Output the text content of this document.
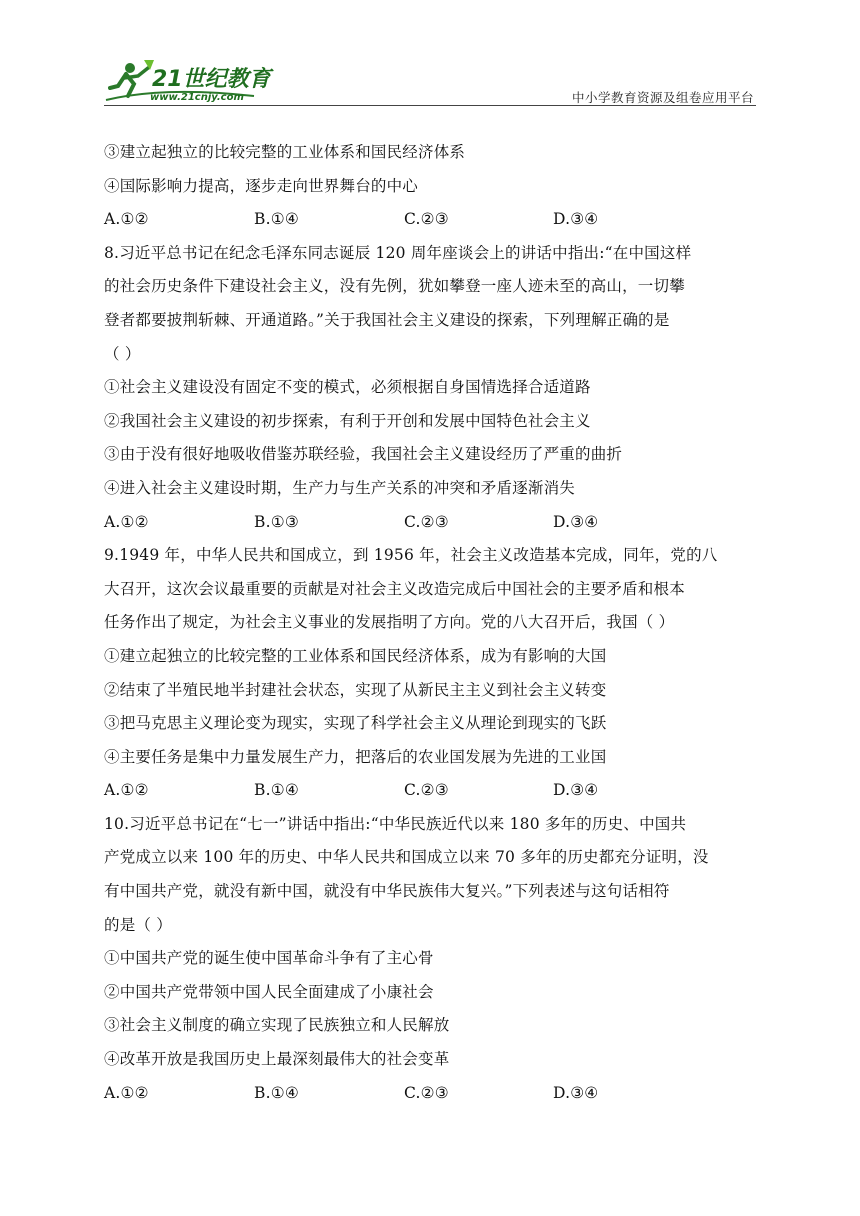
21世纪教育
www.21cnjy.com	中小学教育资源及组卷应用平台
③建立起独立的比较完整的工业体系和国民经济体系
④国际影响力提高，逐步走向世界舞台的中心
A.①②	B.①④	C.②③	D.③④
8.习近平总书记在纪念毛泽东同志诞辰 120 周年座谈会上的讲话中指出:“在中国这样
的社会历史条件下建设社会主义，没有先例，犹如攀登一座人迹未至的高山，一切攀
登者都要披荆斩棘、开通道路。”关于我国社会主义建设的探索，下列理解正确的是
（ ）
①社会主义建设没有固定不变的模式，必须根据自身国情选择合适道路
②我国社会主义建设的初步探索，有利于开创和发展中国特色社会主义
③由于没有很好地吸收借鉴苏联经验，我国社会主义建设经历了严重的曲折
④进入社会主义建设时期，生产力与生产关系的冲突和矛盾逐渐消失
A.①②	B.①③	C.②③	D.③④
9.1949 年，中华人民共和国成立，到 1956 年，社会主义改造基本完成，同年，党的八
大召开，这次会议最重要的贡献是对社会主义改造完成后中国社会的主要矛盾和根本
任务作出了规定，为社会主义事业的发展指明了方向。党的八大召开后，我国（ ）
①建立起独立的比较完整的工业体系和国民经济体系，成为有影响的大国
②结束了半殖民地半封建社会状态，实现了从新民主主义到社会主义转变
③把马克思主义理论变为现实，实现了科学社会主义从理论到现实的飞跃
④主要任务是集中力量发展生产力，把落后的农业国发展为先进的工业国
A.①②	B.①④	C.②③	D.③④
10.习近平总书记在“七一”讲话中指出:“中华民族近代以来 180 多年的历史、中国共
产党成立以来 100 年的历史、中华人民共和国成立以来 70 多年的历史都充分证明，没
有中国共产党，就没有新中国，就没有中华民族伟大复兴。”下列表述与这句话相符
的是（ ）
①中国共产党的诞生使中国革命斗争有了主心骨
②中国共产党带领中国人民全面建成了小康社会
③社会主义制度的确立实现了民族独立和人民解放
④改革开放是我国历史上最深刻最伟大的社会变革
A.①②	B.①④	C.②③	D.③④
